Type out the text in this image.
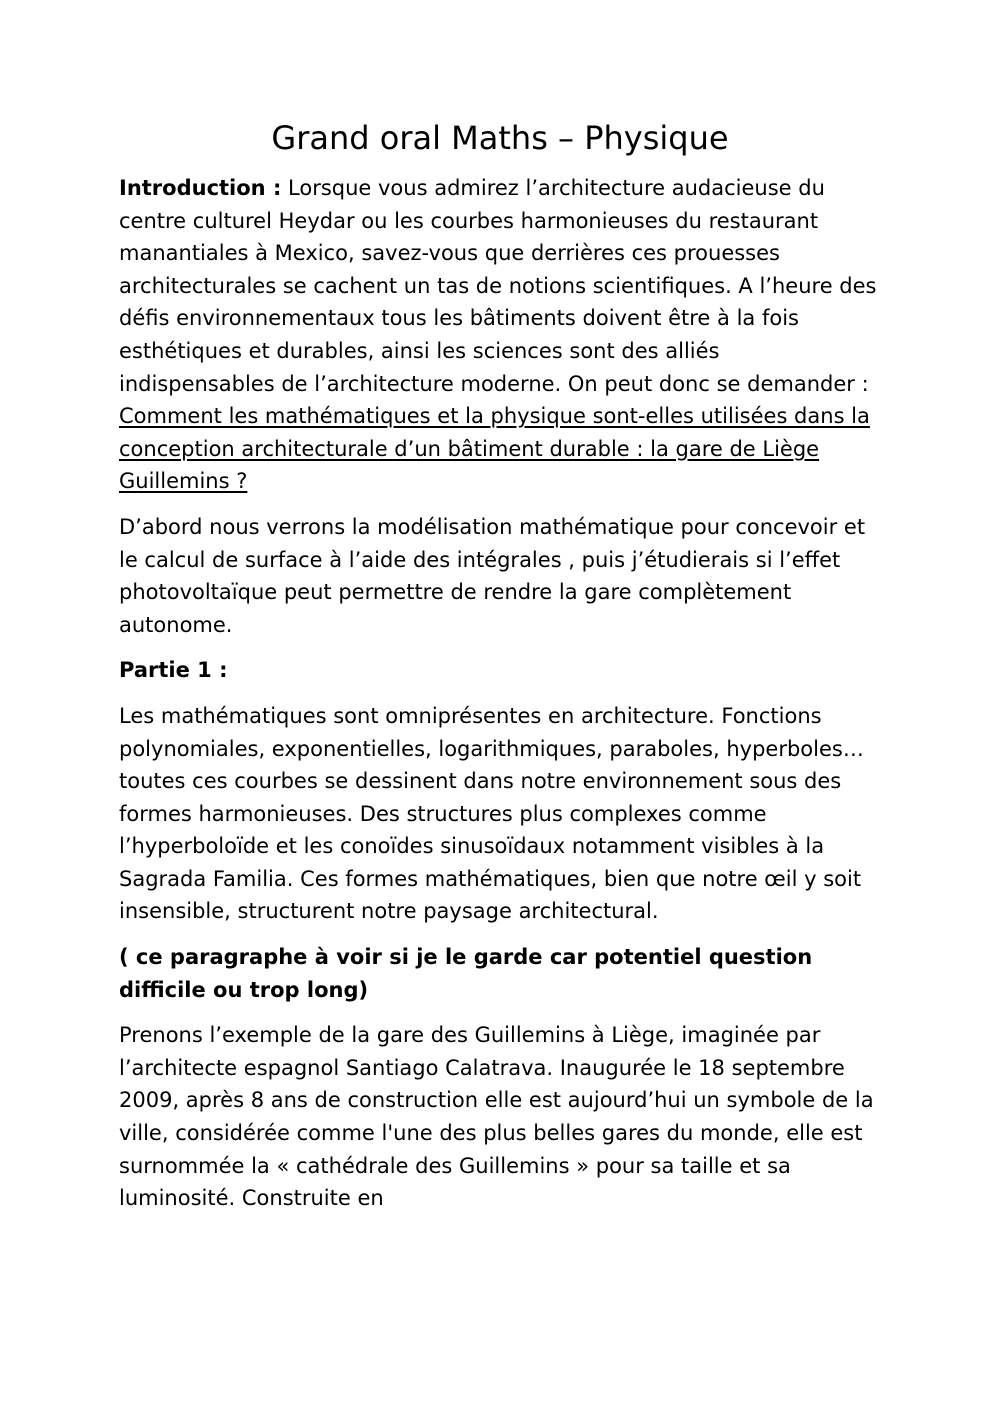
Grand oral Maths – Physique

Introduction : Lorsque vous admirez l’architecture audacieuse du centre culturel Heydar ou les courbes harmonieuses du restaurant manantiales à Mexico, savez-vous que derrières ces prouesses architecturales se cachent un tas de notions scientifiques. A l’heure des défis environnementaux tous les bâtiments doivent être à la fois esthétiques et durables, ainsi les sciences sont des alliés indispensables de l’architecture moderne. On peut donc se demander : Comment les mathématiques et la physique sont-elles utilisées dans la conception architecturale d’un bâtiment durable : la gare de Liège Guillemins ?

D’abord nous verrons la modélisation mathématique pour concevoir et le calcul de surface à l’aide des intégrales , puis j’étudierais si l’effet photovoltaïque peut permettre de rendre la gare complètement autonome.

Partie 1 :

Les mathématiques sont omniprésentes en architecture. Fonctions polynomiales, exponentielles, logarithmiques, paraboles, hyperboles… toutes ces courbes se dessinent dans notre environnement sous des formes harmonieuses. Des structures plus complexes comme l’hyperboloïde et les conoïdes sinusoïdaux notamment visibles à la Sagrada Familia. Ces formes mathématiques, bien que notre œil y soit insensible, structurent notre paysage architectural.

( ce paragraphe à voir si je le garde car potentiel question difficile ou trop long)

Prenons l’exemple de la gare des Guillemins à Liège, imaginée par l’architecte espagnol Santiago Calatrava. Inaugurée le 18 septembre 2009, après 8 ans de construction elle est aujourd’hui un symbole de la ville, considérée comme l'une des plus belles gares du monde, elle est surnommée la « cathédrale des Guillemins » pour sa taille et sa luminosité. Construite en
